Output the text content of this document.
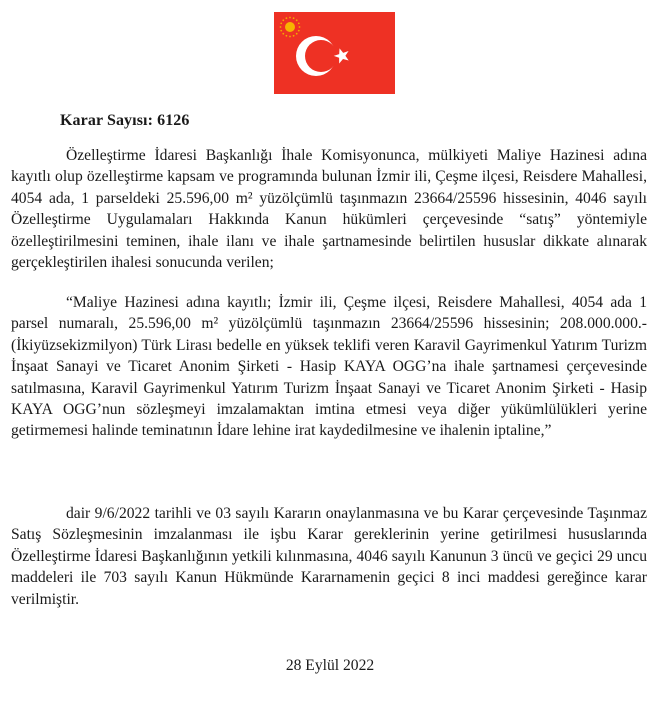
Karar Sayısı: 6126

Özelleştirme İdaresi Başkanlığı İhale Komisyonunca, mülkiyeti Maliye Hazinesi adına kayıtlı olup özelleştirme kapsam ve programında bulunan İzmir ili, Çeşme ilçesi, Reisdere Mahallesi, 4054 ada, 1 parseldeki 25.596,00 m² yüzölçümlü taşınmazın 23664/25596 hissesinin, 4046 sayılı Özelleştirme Uygulamaları Hakkında Kanun hükümleri çerçevesinde “satış” yöntemiyle özelleştirilmesini teminen, ihale ilanı ve ihale şartnamesinde belirtilen hususlar dikkate alınarak gerçekleştirilen ihalesi sonucunda verilen;

“Maliye Hazinesi adına kayıtlı; İzmir ili, Çeşme ilçesi, Reisdere Mahallesi, 4054 ada 1 parsel numaralı, 25.596,00 m² yüzölçümlü taşınmazın 23664/25596 hissesinin; 208.000.000.- (İkiyüzsekizmilyon) Türk Lirası bedelle en yüksek teklifi veren Karavil Gayrimenkul Yatırım Turizm İnşaat Sanayi ve Ticaret Anonim Şirketi - Hasip KAYA OGG’na ihale şartnamesi çerçevesinde satılmasına, Karavil Gayrimenkul Yatırım Turizm İnşaat Sanayi ve Ticaret Anonim Şirketi - Hasip KAYA OGG’nun sözleşmeyi imzalamaktan imtina etmesi veya diğer yükümlülükleri yerine getirmemesi halinde teminatının İdare lehine irat kaydedilmesine ve ihalenin iptaline,”

dair 9/6/2022 tarihli ve 03 sayılı Kararın onaylanmasına ve bu Karar çerçevesinde Taşınmaz Satış Sözleşmesinin imzalanması ile işbu Karar gereklerinin yerine getirilmesi hususlarında Özelleştirme İdaresi Başkanlığının yetkili kılınmasına, 4046 sayılı Kanunun 3 üncü ve geçici 29 uncu maddeleri ile 703 sayılı Kanun Hükmünde Kararnamenin geçici 8 inci maddesi gereğince karar verilmiştir.

28 Eylül 2022
